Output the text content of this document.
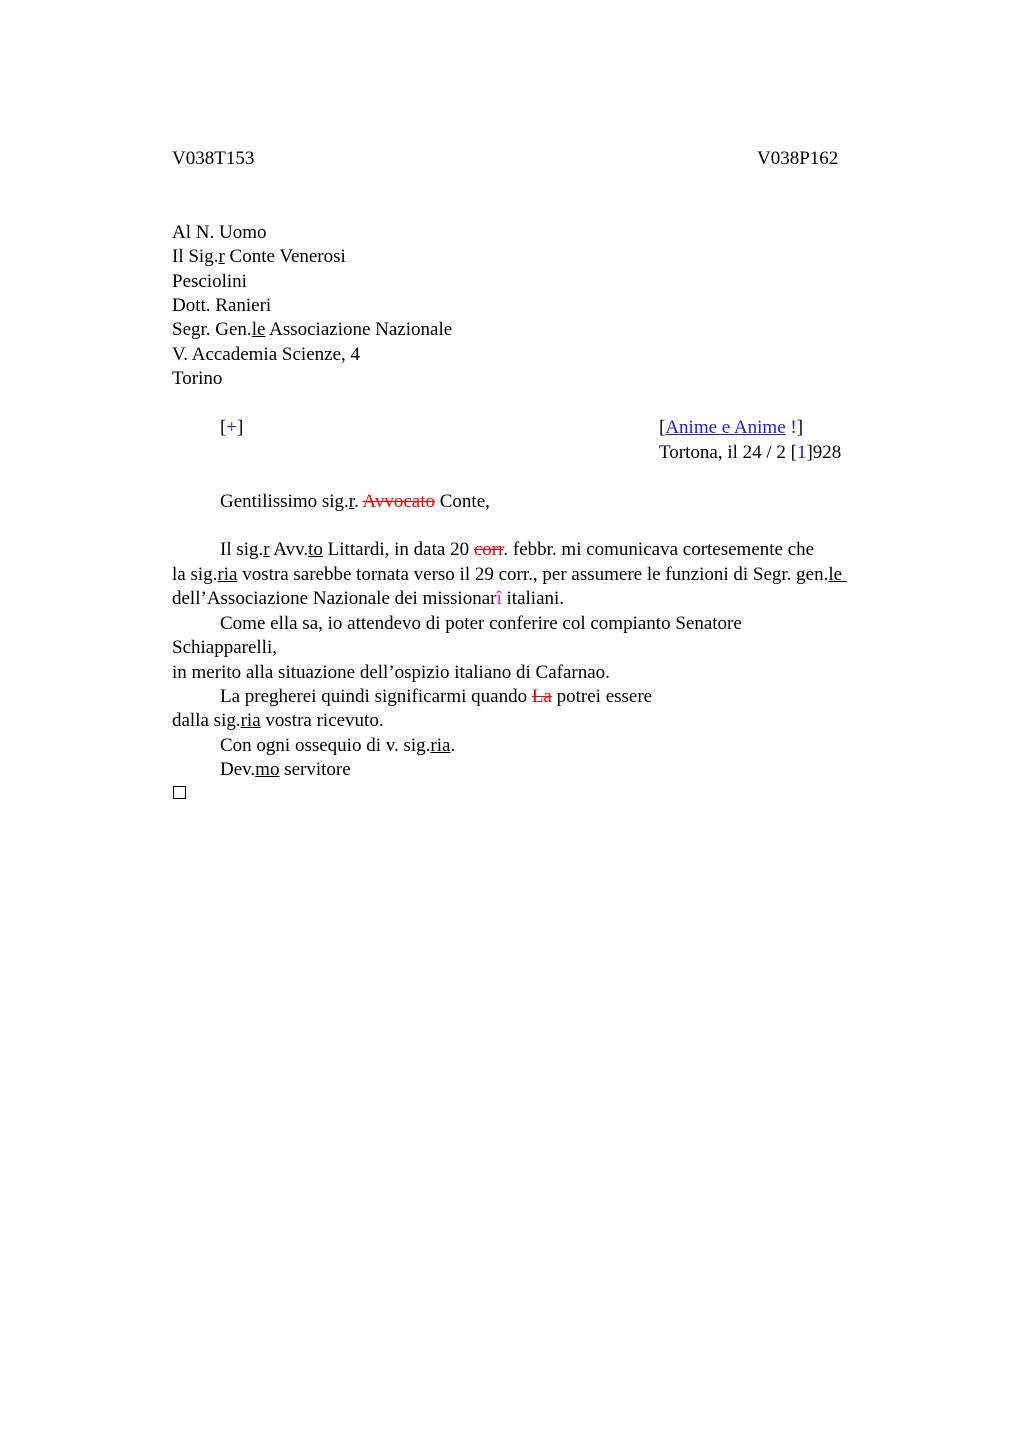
V038T153	V038P162
Al N. Uomo
Il Sig.r Conte Venerosi
Pesciolini
Dott. Ranieri
Segr. Gen.le Associazione Nazionale
V. Accademia Scienze, 4
Torino
[+]	[Anime e Anime !]
Tortona, il 24 / 2 [1]928
Gentilissimo sig.r. Avvocato Conte,
Il sig.r Avv.to Littardi, in data 20 corr. febbr. mi comunicava cortesemente che
la sig.ria vostra sarebbe tornata verso il 29 corr., per assumere le funzioni di Segr. gen.le
dell’Associazione Nazionale dei missionarî italiani.
Come ella sa, io attendevo di poter conferire col compianto Senatore
Schiapparelli,
in merito alla situazione dell’ospizio italiano di Cafarnao.
La pregherei quindi significarmi quando La potrei essere
dalla sig.ria vostra ricevuto.
Con ogni ossequio di v. sig.ria.
Dev.mo servitore
